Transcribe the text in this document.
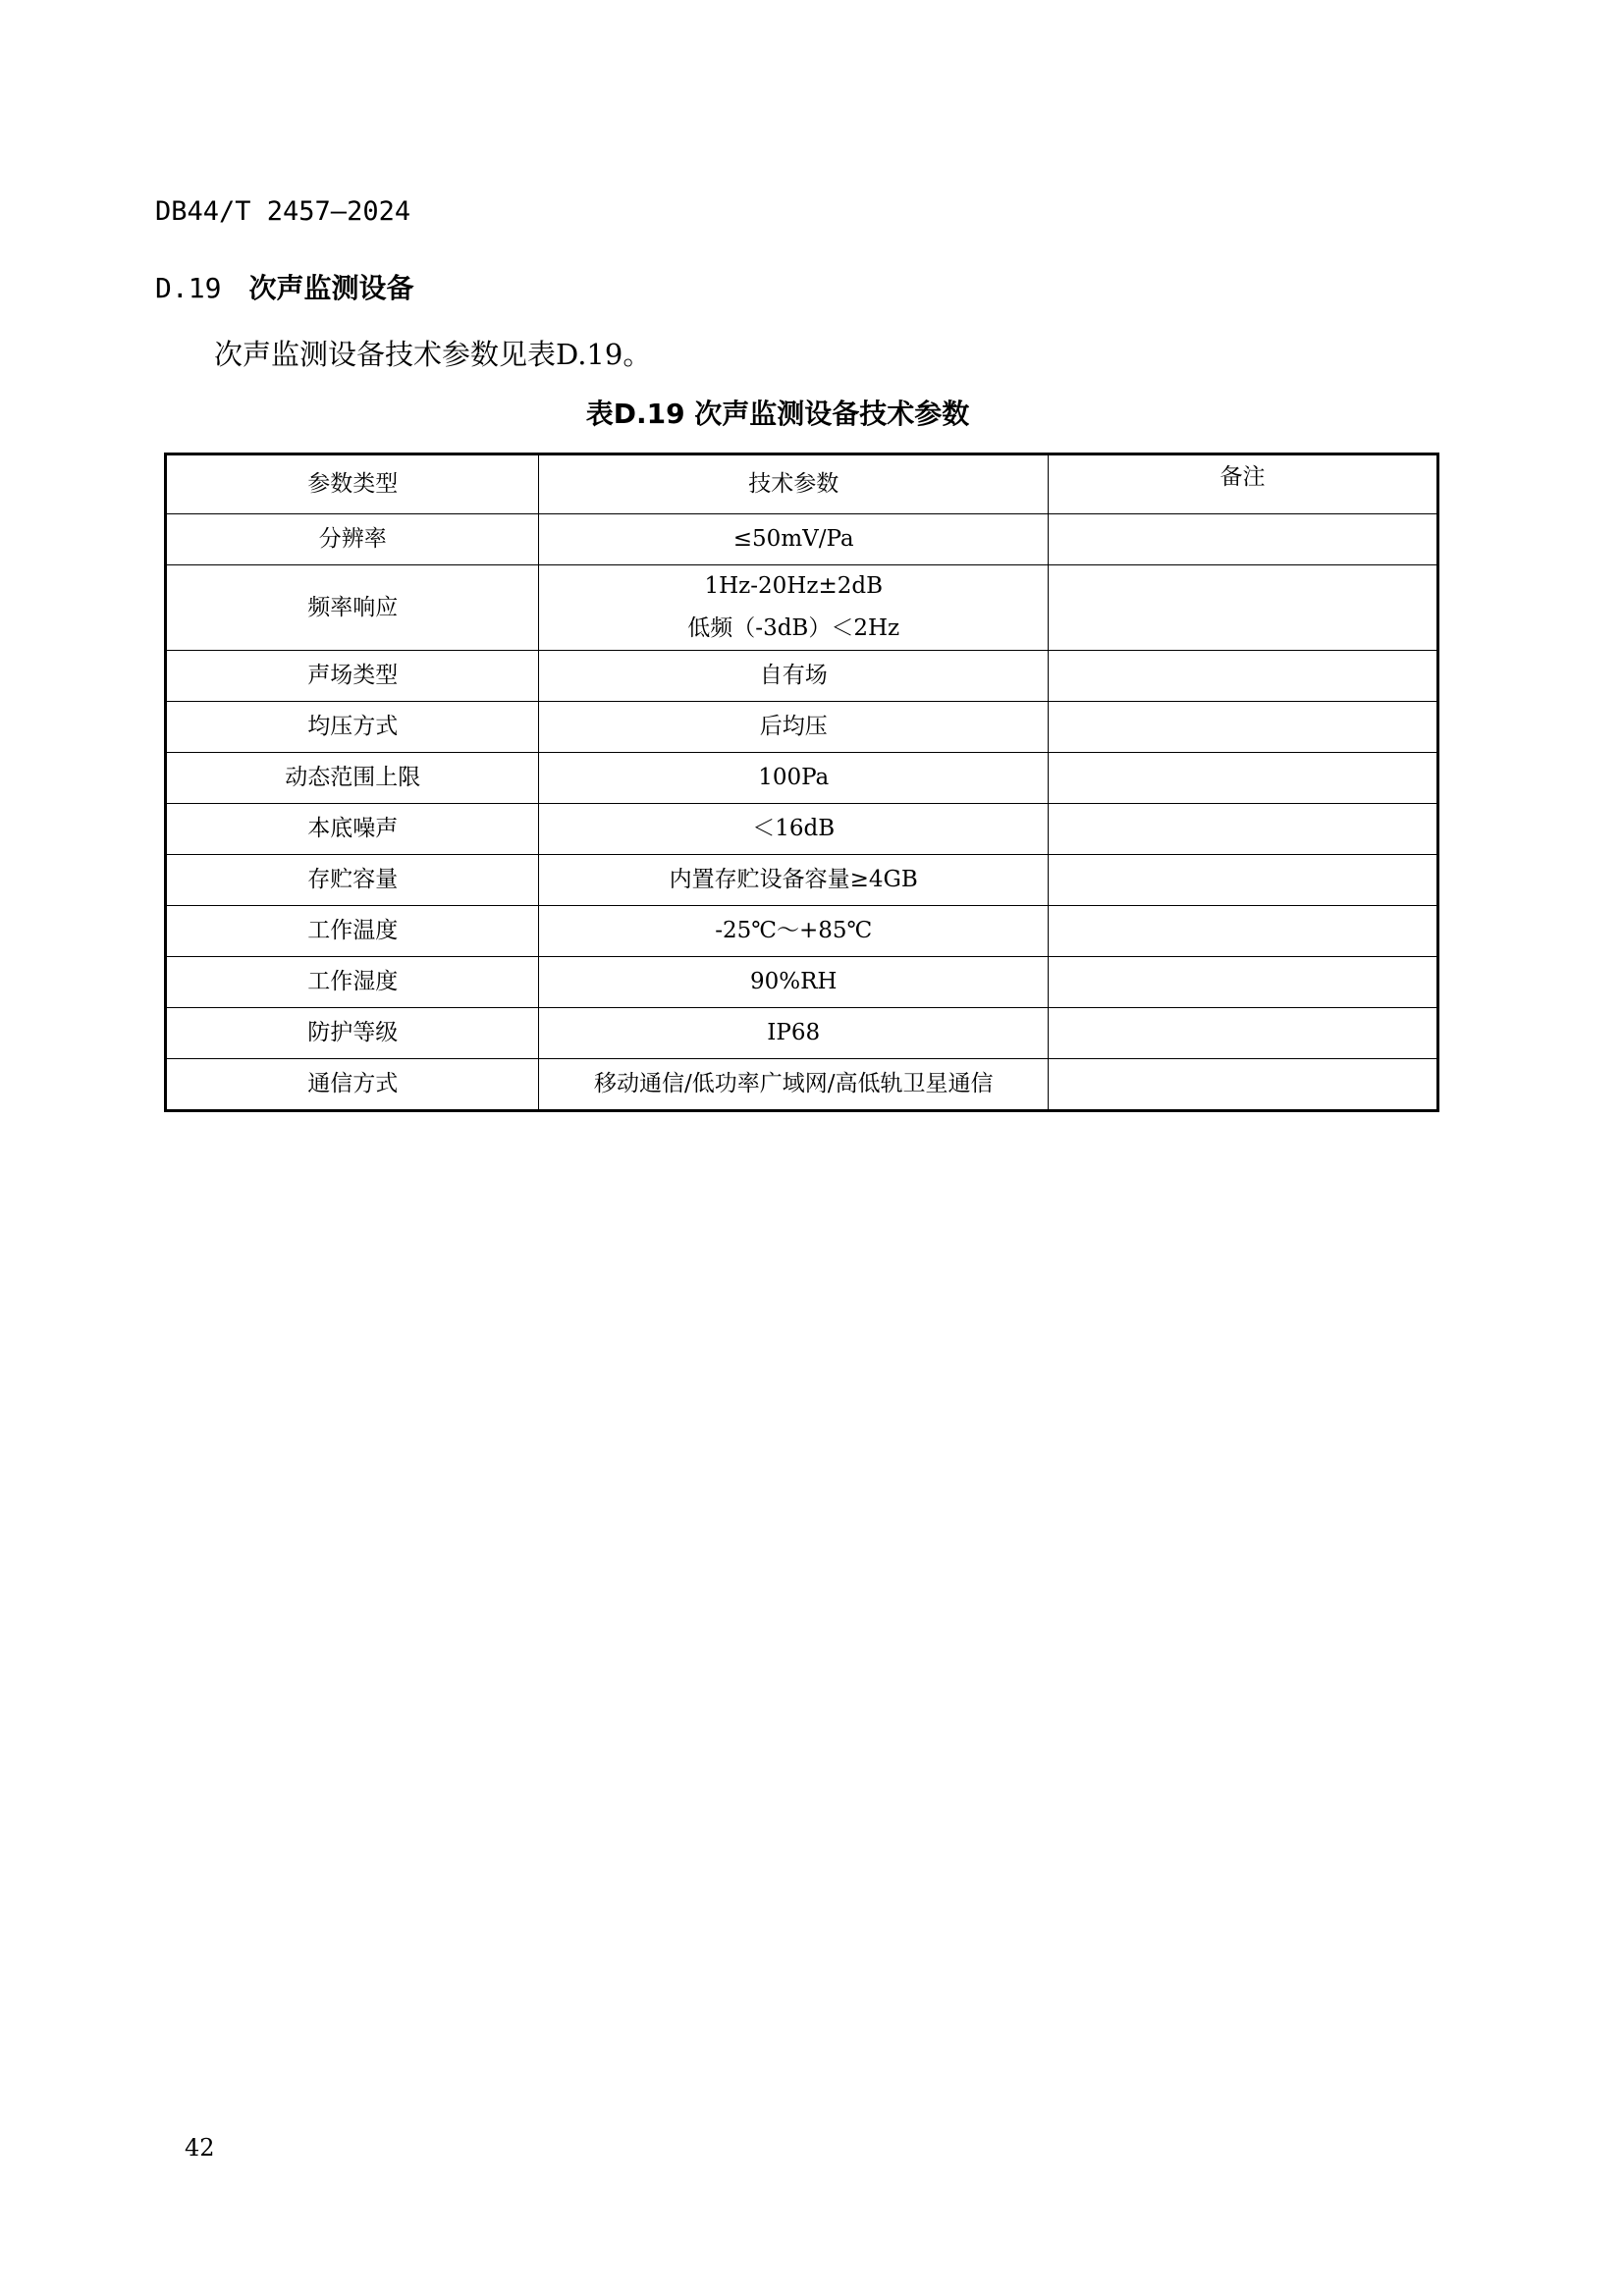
DB44/T 2457—2024
D.19 次声监测设备
次声监测设备技术参数见表D.19。
表D.19 次声监测设备技术参数
参数类型	技术参数	备注
分辨率	≤50mV/Pa	
频率响应	1Hz-20Hz±2dB
低频（-3dB）＜2Hz	

声场类型	自有场	
均压方式	后均压	
动态范围上限	100Pa	
本底噪声	＜16dB	
存贮容量	内置存贮设备容量≥4GB	
工作温度	-25℃～+85℃	
工作湿度	90%RH	
防护等级	IP68	
通信方式	移动通信/低功率广域网/高低轨卫星通信	
42
